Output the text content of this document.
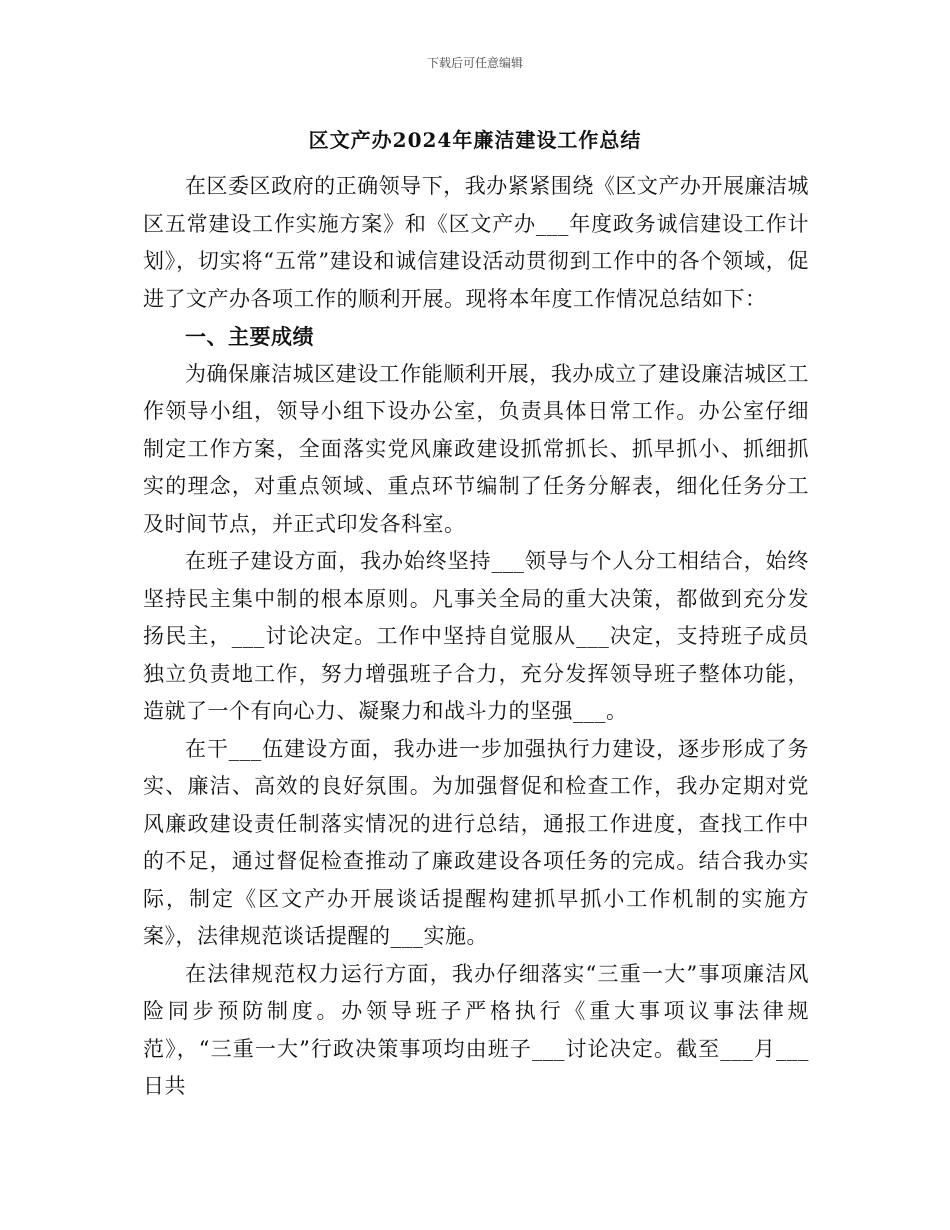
下载后可任意编辑
区文产办2024年廉洁建设工作总结

在区委区政府的正确领导下，我办紧紧围绕《区文产办开展廉洁城区五常建设工作实施方案》和《区文产办___年度政务诚信建设工作计划》，切实将“五常”建设和诚信建设活动贯彻到工作中的各个领域，促进了文产办各项工作的顺利开展。现将本年度工作情况总结如下：

一、主要成绩

为确保廉洁城区建设工作能顺利开展，我办成立了建设廉洁城区工作领导小组，领导小组下设办公室，负责具体日常工作。办公室仔细制定工作方案，全面落实党风廉政建设抓常抓长、抓早抓小、抓细抓实的理念，对重点领域、重点环节编制了任务分解表，细化任务分工及时间节点，并正式印发各科室。

在班子建设方面，我办始终坚持___领导与个人分工相结合，始终坚持民主集中制的根本原则。凡事关全局的重大决策，都做到充分发扬民主，___讨论决定。工作中坚持自觉服从___决定，支持班子成员独立负责地工作，努力增强班子合力，充分发挥领导班子整体功能，造就了一个有向心力、凝聚力和战斗力的坚强___。

在干___伍建设方面，我办进一步加强执行力建设，逐步形成了务实、廉洁、高效的良好氛围。为加强督促和检查工作，我办定期对党风廉政建设责任制落实情况的进行总结，通报工作进度，查找工作中的不足，通过督促检查推动了廉政建设各项任务的完成。结合我办实际，制定《区文产办开展谈话提醒构建抓早抓小工作机制的实施方案》，法律规范谈话提醒的___实施。

在法律规范权力运行方面，我办仔细落实“三重一大”事项廉洁风险同步预防制度。办领导班子严格执行《重大事项议事法律规范》，“三重一大”行政决策事项均由班子___讨论决定。截至___月___日共
